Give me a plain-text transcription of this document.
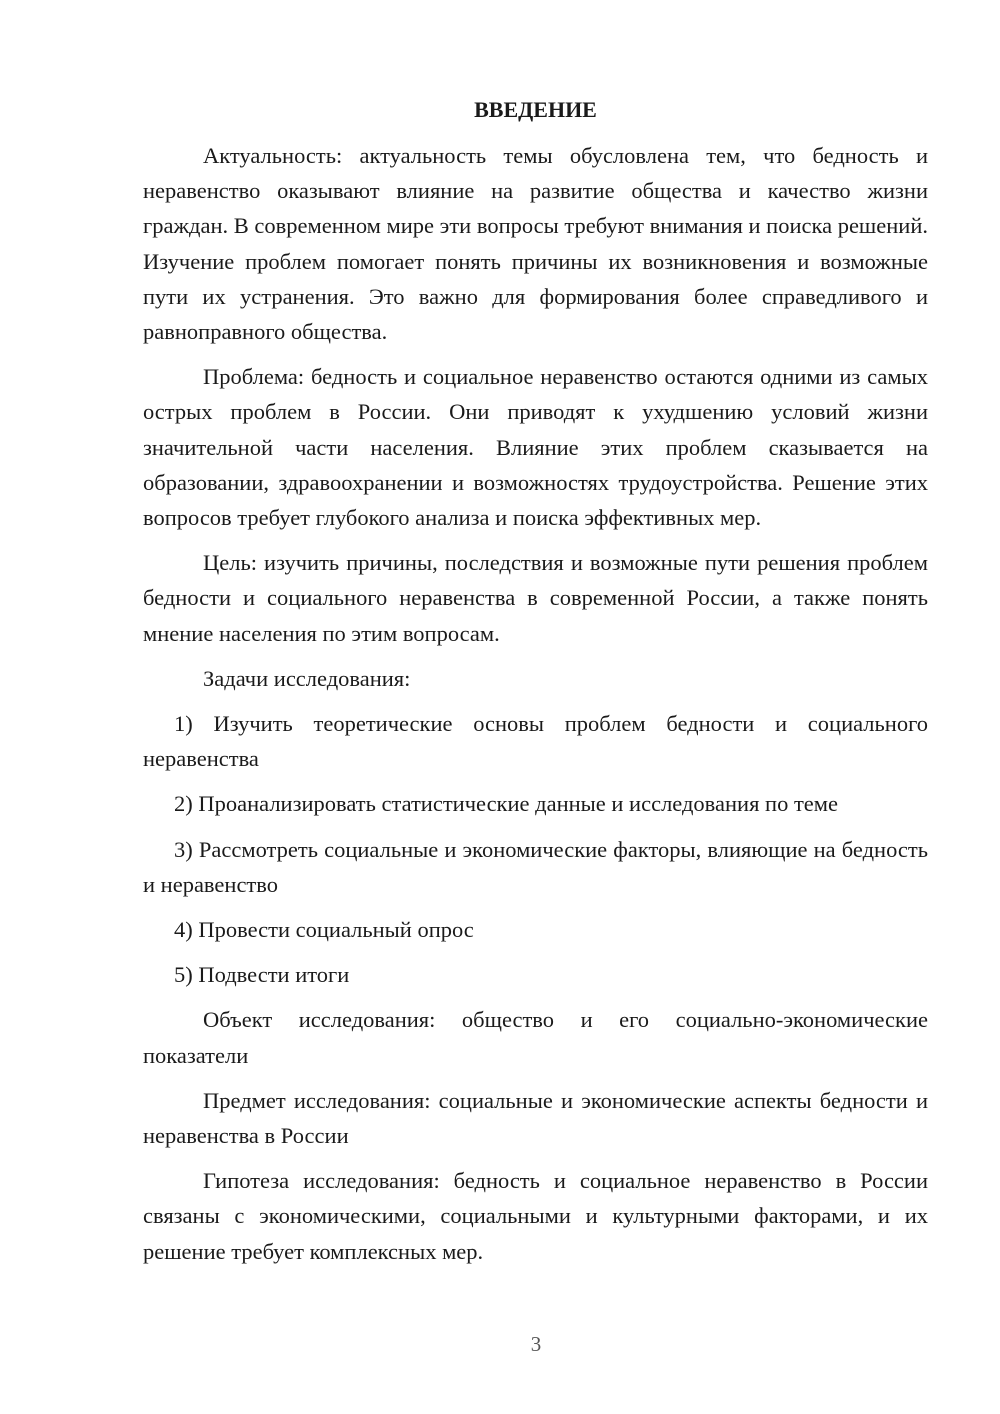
ВВЕДЕНИЕ

Актуальность: актуальность темы обусловлена тем, что бедность и неравенство оказывают влияние на развитие общества и качество жизни граждан. В современном мире эти вопросы требуют внимания и поиска решений. Изучение проблем помогает понять причины их возникновения и возможные пути их устранения. Это важно для формирования более справедливого и равноправного общества.

Проблема: бедность и социальное неравенство остаются одними из самых острых проблем в России. Они приводят к ухудшению условий жизни значительной части населения. Влияние этих проблем сказывается на образовании, здравоохранении и возможностях трудоустройства. Решение этих вопросов требует глубокого анализа и поиска эффективных мер.

Цель: изучить причины, последствия и возможные пути решения проблем бедности и социального неравенства в современной России, а также понять мнение населения по этим вопросам.

Задачи исследования:

1) Изучить теоретические основы проблем бедности и социального неравенства

2) Проанализировать статистические данные и исследования по теме

3) Рассмотреть социальные и экономические факторы, влияющие на бедность и неравенство

4) Провести социальный опрос

5) Подвести итоги

Объект исследования: общество и его социально-экономические показатели

Предмет исследования: социальные и экономические аспекты бедности и неравенства в России

Гипотеза исследования: бедность и социальное неравенство в России связаны с экономическими, социальными и культурными факторами, и их решение требует комплексных мер.

3
